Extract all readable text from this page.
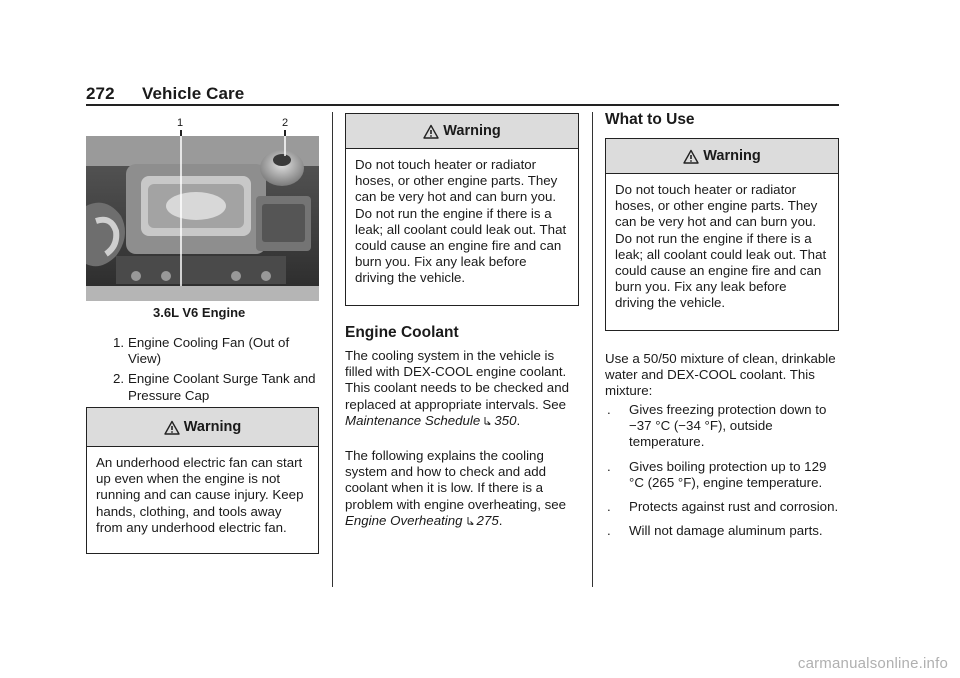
272 Vehicle Care
1	2
3.6L V6 Engine
1. Engine Cooling Fan (Out of View)
2. Engine Coolant Surge Tank and Pressure Cap
Warning
An underhood electric fan can start up even when the engine is not running and can cause injury. Keep hands, clothing, and tools away from any underhood electric fan.
Warning
Do not touch heater or radiator hoses, or other engine parts. They can be very hot and can burn you. Do not run the engine if there is a leak; all coolant could leak out. That could cause an engine fire and can burn you. Fix any leak before driving the vehicle.
Engine Coolant
The cooling system in the vehicle is filled with DEX-COOL engine coolant. This coolant needs to be checked and replaced at appropriate intervals. See Maintenance Schedule 350.
The following explains the cooling system and how to check and add coolant when it is low. If there is a problem with engine overheating, see Engine Overheating 275.
What to Use
Warning
Do not touch heater or radiator hoses, or other engine parts. They can be very hot and can burn you. Do not run the engine if there is a leak; all coolant could leak out. That could cause an engine fire and can burn you. Fix any leak before driving the vehicle.
Use a 50/50 mixture of clean, drinkable water and DEX-COOL coolant. This mixture:
. Gives freezing protection down to −37 °C (−34 °F), outside temperature.
. Gives boiling protection up to 129 °C (265 °F), engine temperature.
. Protects against rust and corrosion.
. Will not damage aluminum parts.
carmanualsonline.info
